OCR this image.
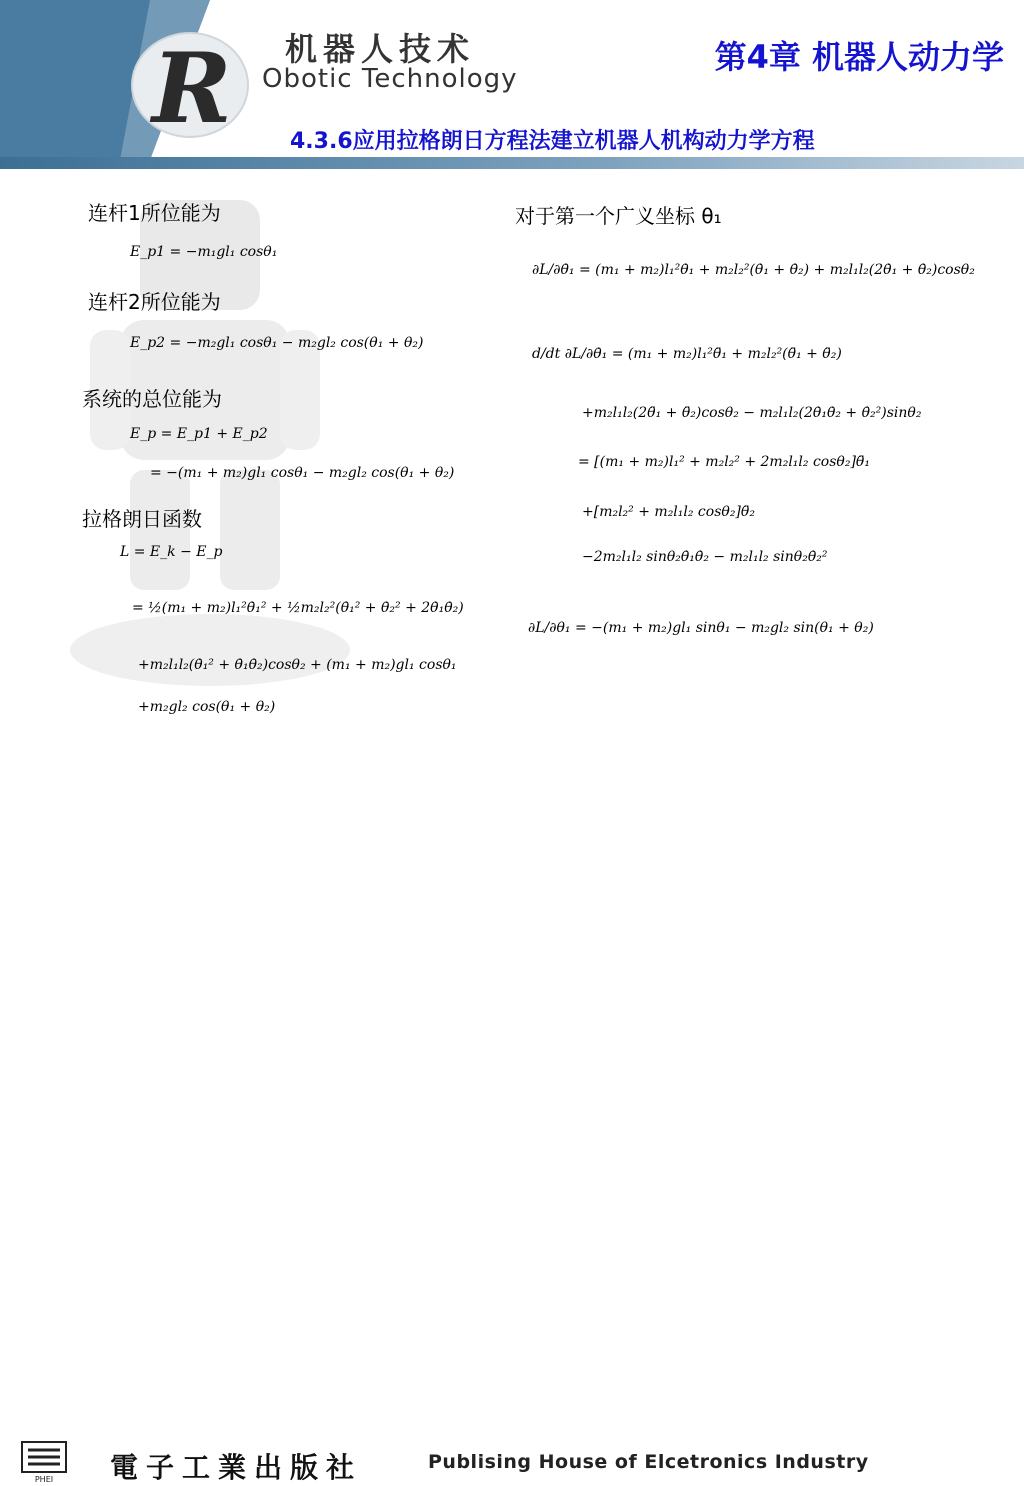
R 机器人技术
Obotic Technology
第4章 机器人动力学
4.3.6应用拉格朗日方程法建立机器人机构动力学方程
连杆1所位能为
E_p1 = −m₁gl₁ cosθ₁
连杆2所位能为
E_p2 = −m₂gl₁ cosθ₁ − m₂gl₂ cos(θ₁ + θ₂)
系统的总位能为
E_p = E_p1 + E_p2
= −(m₁ + m₂)gl₁ cosθ₁ − m₂gl₂ cos(θ₁ + θ₂)
拉格朗日函数
L = E_k − E_p
= ½(m₁ + m₂)l₁²θ̇₁² + ½m₂l₂²(θ̇₁² + θ̇₂² + 2θ̇₁θ̇₂)
+m₂l₁l₂(θ̇₁² + θ̇₁θ̇₂)cosθ₂ + (m₁ + m₂)gl₁ cosθ₁
+m₂gl₂ cos(θ₁ + θ₂)
对于第一个广义坐标 θ₁
∂L/∂θ̇₁ = (m₁ + m₂)l₁²θ̇₁ + m₂l₂²(θ̇₁ + θ̇₂) + m₂l₁l₂(2θ̇₁ + θ̇₂)cosθ₂
d/dt ∂L/∂θ̇₁ = (m₁ + m₂)l₁²θ̈₁ + m₂l₂²(θ̈₁ + θ̈₂)
+m₂l₁l₂(2θ̈₁ + θ̈₂)cosθ₂ − m₂l₁l₂(2θ̇₁θ̇₂ + θ̇₂²)sinθ₂
= [(m₁ + m₂)l₁² + m₂l₂² + 2m₂l₁l₂ cosθ₂]θ̈₁
+[m₂l₂² + m₂l₁l₂ cosθ₂]θ̈₂
−2m₂l₁l₂ sinθ₂θ̇₁θ̇₂ − m₂l₁l₂ sinθ₂θ̇₂²
∂L/∂θ₁ = −(m₁ + m₂)gl₁ sinθ₁ − m₂gl₂ sin(θ₁ + θ₂)
PHEI 電子工業出版社	Publising House of Elcetronics Industry
